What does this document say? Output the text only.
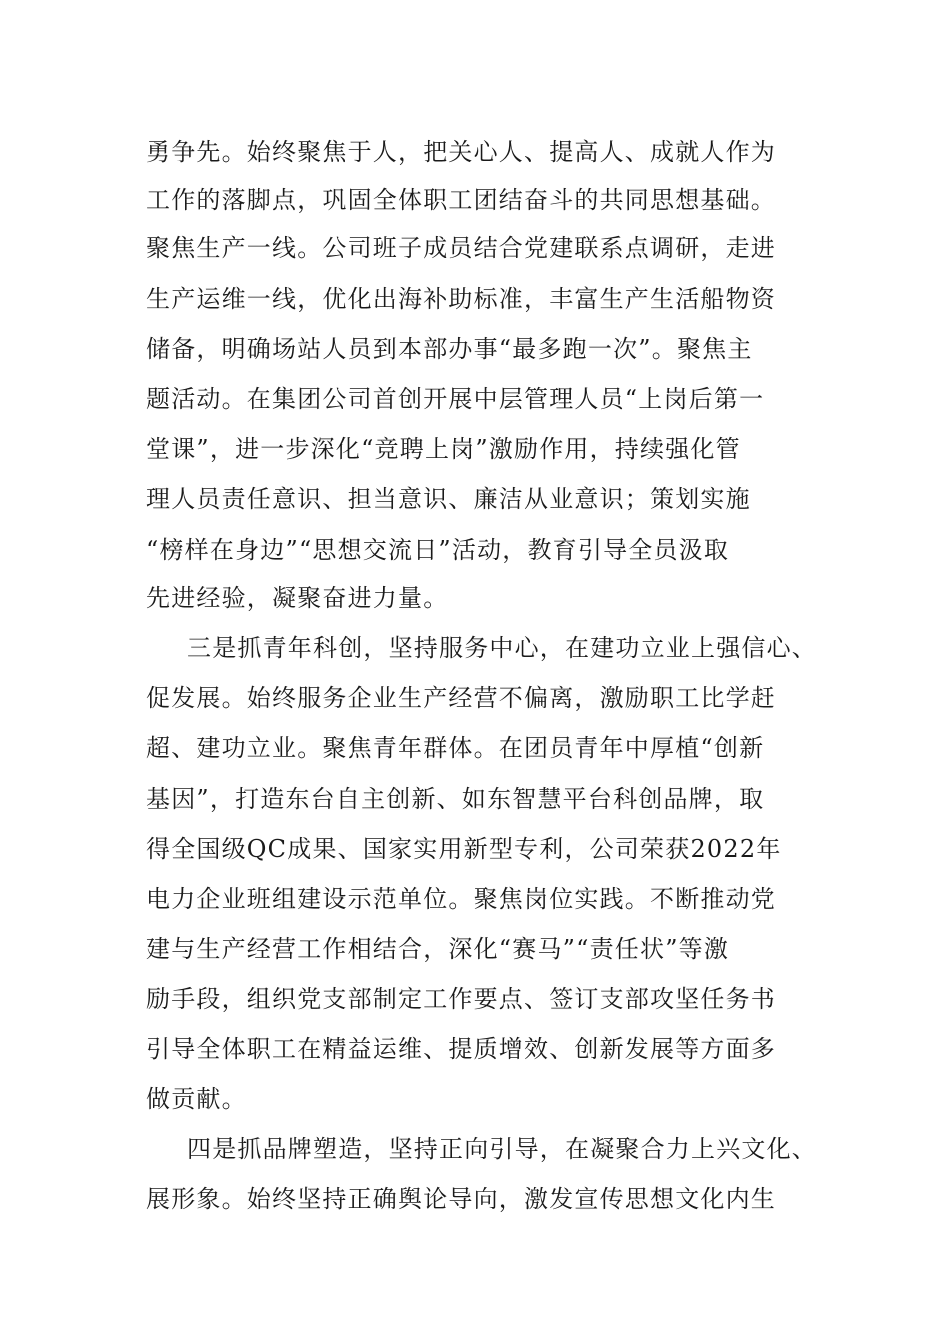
勇争先。始终聚焦于人，把关心人、提高人、成就人作为
工作的落脚点，巩固全体职工团结奋斗的共同思想基础。
聚焦生产一线。公司班子成员结合党建联系点调研，走进
生产运维一线，优化出海补助标准，丰富生产生活船物资
储备，明确场站人员到本部办事“最多跑一次”。聚焦主
题活动。在集团公司首创开展中层管理人员“上岗后第一
堂课”，进一步深化“竞聘上岗”激励作用，持续强化管
理人员责任意识、担当意识、廉洁从业意识；策划实施
“榜样在身边”“思想交流日”活动，教育引导全员汲取
先进经验，凝聚奋进力量。
三是抓青年科创，坚持服务中心，在建功立业上强信心、
促发展。始终服务企业生产经营不偏离，激励职工比学赶
超、建功立业。聚焦青年群体。在团员青年中厚植“创新
基因”，打造东台自主创新、如东智慧平台科创品牌，取
得全国级QC成果、国家实用新型专利，公司荣获2022年
电力企业班组建设示范单位。聚焦岗位实践。不断推动党
建与生产经营工作相结合，深化“赛马”“责任状”等激
励手段，组织党支部制定工作要点、签订支部攻坚任务书
引导全体职工在精益运维、提质增效、创新发展等方面多
做贡献。
四是抓品牌塑造，坚持正向引导，在凝聚合力上兴文化、
展形象。始终坚持正确舆论导向，激发宣传思想文化内生
